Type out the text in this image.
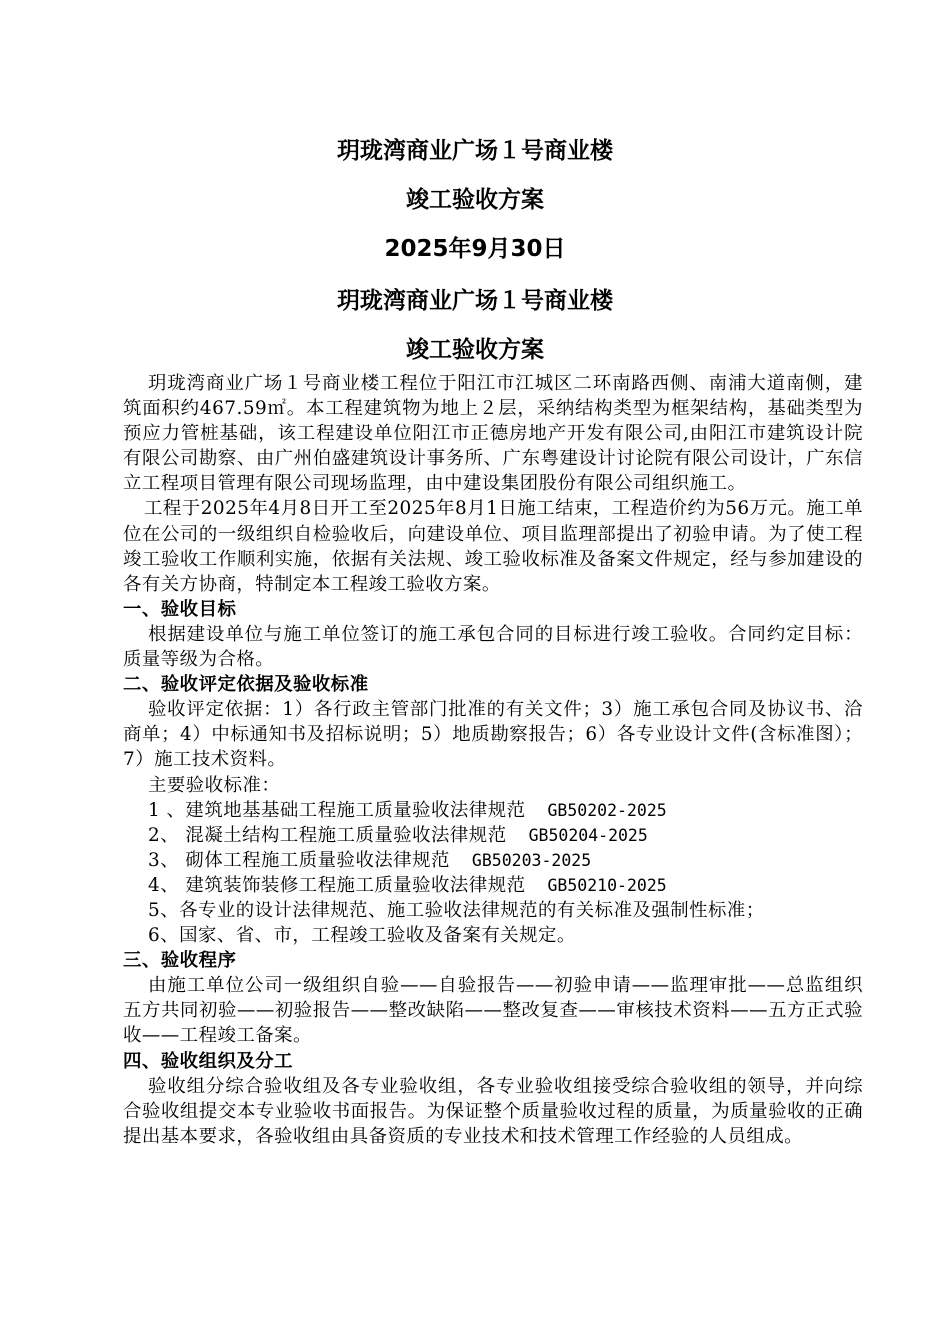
玥珑湾商业广场１号商业楼
竣工验收方案
2025年9月30日
玥珑湾商业广场１号商业楼
竣工验收方案

玥珑湾商业广场１号商业楼工程位于阳江市江城区二环南路西侧、南浦大道南侧，建筑面积约467.59㎡。本工程建筑物为地上２层，采纳结构类型为框架结构，基础类型为预应力管桩基础，该工程建设单位阳江市正德房地产开发有限公司,由阳江市建筑设计院有限公司勘察、由广州伯盛建筑设计事务所、广东粤建设计讨论院有限公司设计，广东信立工程项目管理有限公司现场监理，由中建设集团股份有限公司组织施工。

工程于2025年4月8日开工至2025年8月1日施工结束，工程造价约为56万元。施工单位在公司的一级组织自检验收后，向建设单位、项目监理部提出了初验申请。为了使工程竣工验收工作顺利实施，依据有关法规、竣工验收标准及备案文件规定，经与参加建设的各有关方协商，特制定本工程竣工验收方案。

一、验收目标

根据建设单位与施工单位签订的施工承包合同的目标进行竣工验收。合同约定目标：质量等级为合格。

二、验收评定依据及验收标准

验收评定依据：1）各行政主管部门批准的有关文件；3）施工承包合同及协议书、洽商单；4）中标通知书及招标说明；5）地质勘察报告；6）各专业设计文件(含标准图）；7）施工技术资料。

主要验收标准：

1 、建筑地基基础工程施工质量验收法律规范 GB50202-2025

2、 混凝土结构工程施工质量验收法律规范 GB50204-2025

3、 砌体工程施工质量验收法律规范 GB50203-2025

4、 建筑装饰装修工程施工质量验收法律规范 GB50210-2025

5、各专业的设计法律规范、施工验收法律规范的有关标准及强制性标准；

6、国家、省、市，工程竣工验收及备案有关规定。

三、验收程序

由施工单位公司一级组织自验——自验报告——初验申请——监理审批——总监组织五方共同初验——初验报告——整改缺陷——整改复查——审核技术资料——五方正式验收——工程竣工备案。

四、验收组织及分工

验收组分综合验收组及各专业验收组，各专业验收组接受综合验收组的领导，并向综合验收组提交本专业验收书面报告。为保证整个质量验收过程的质量，为质量验收的正确提出基本要求，各验收组由具备资质的专业技术和技术管理工作经验的人员组成。
